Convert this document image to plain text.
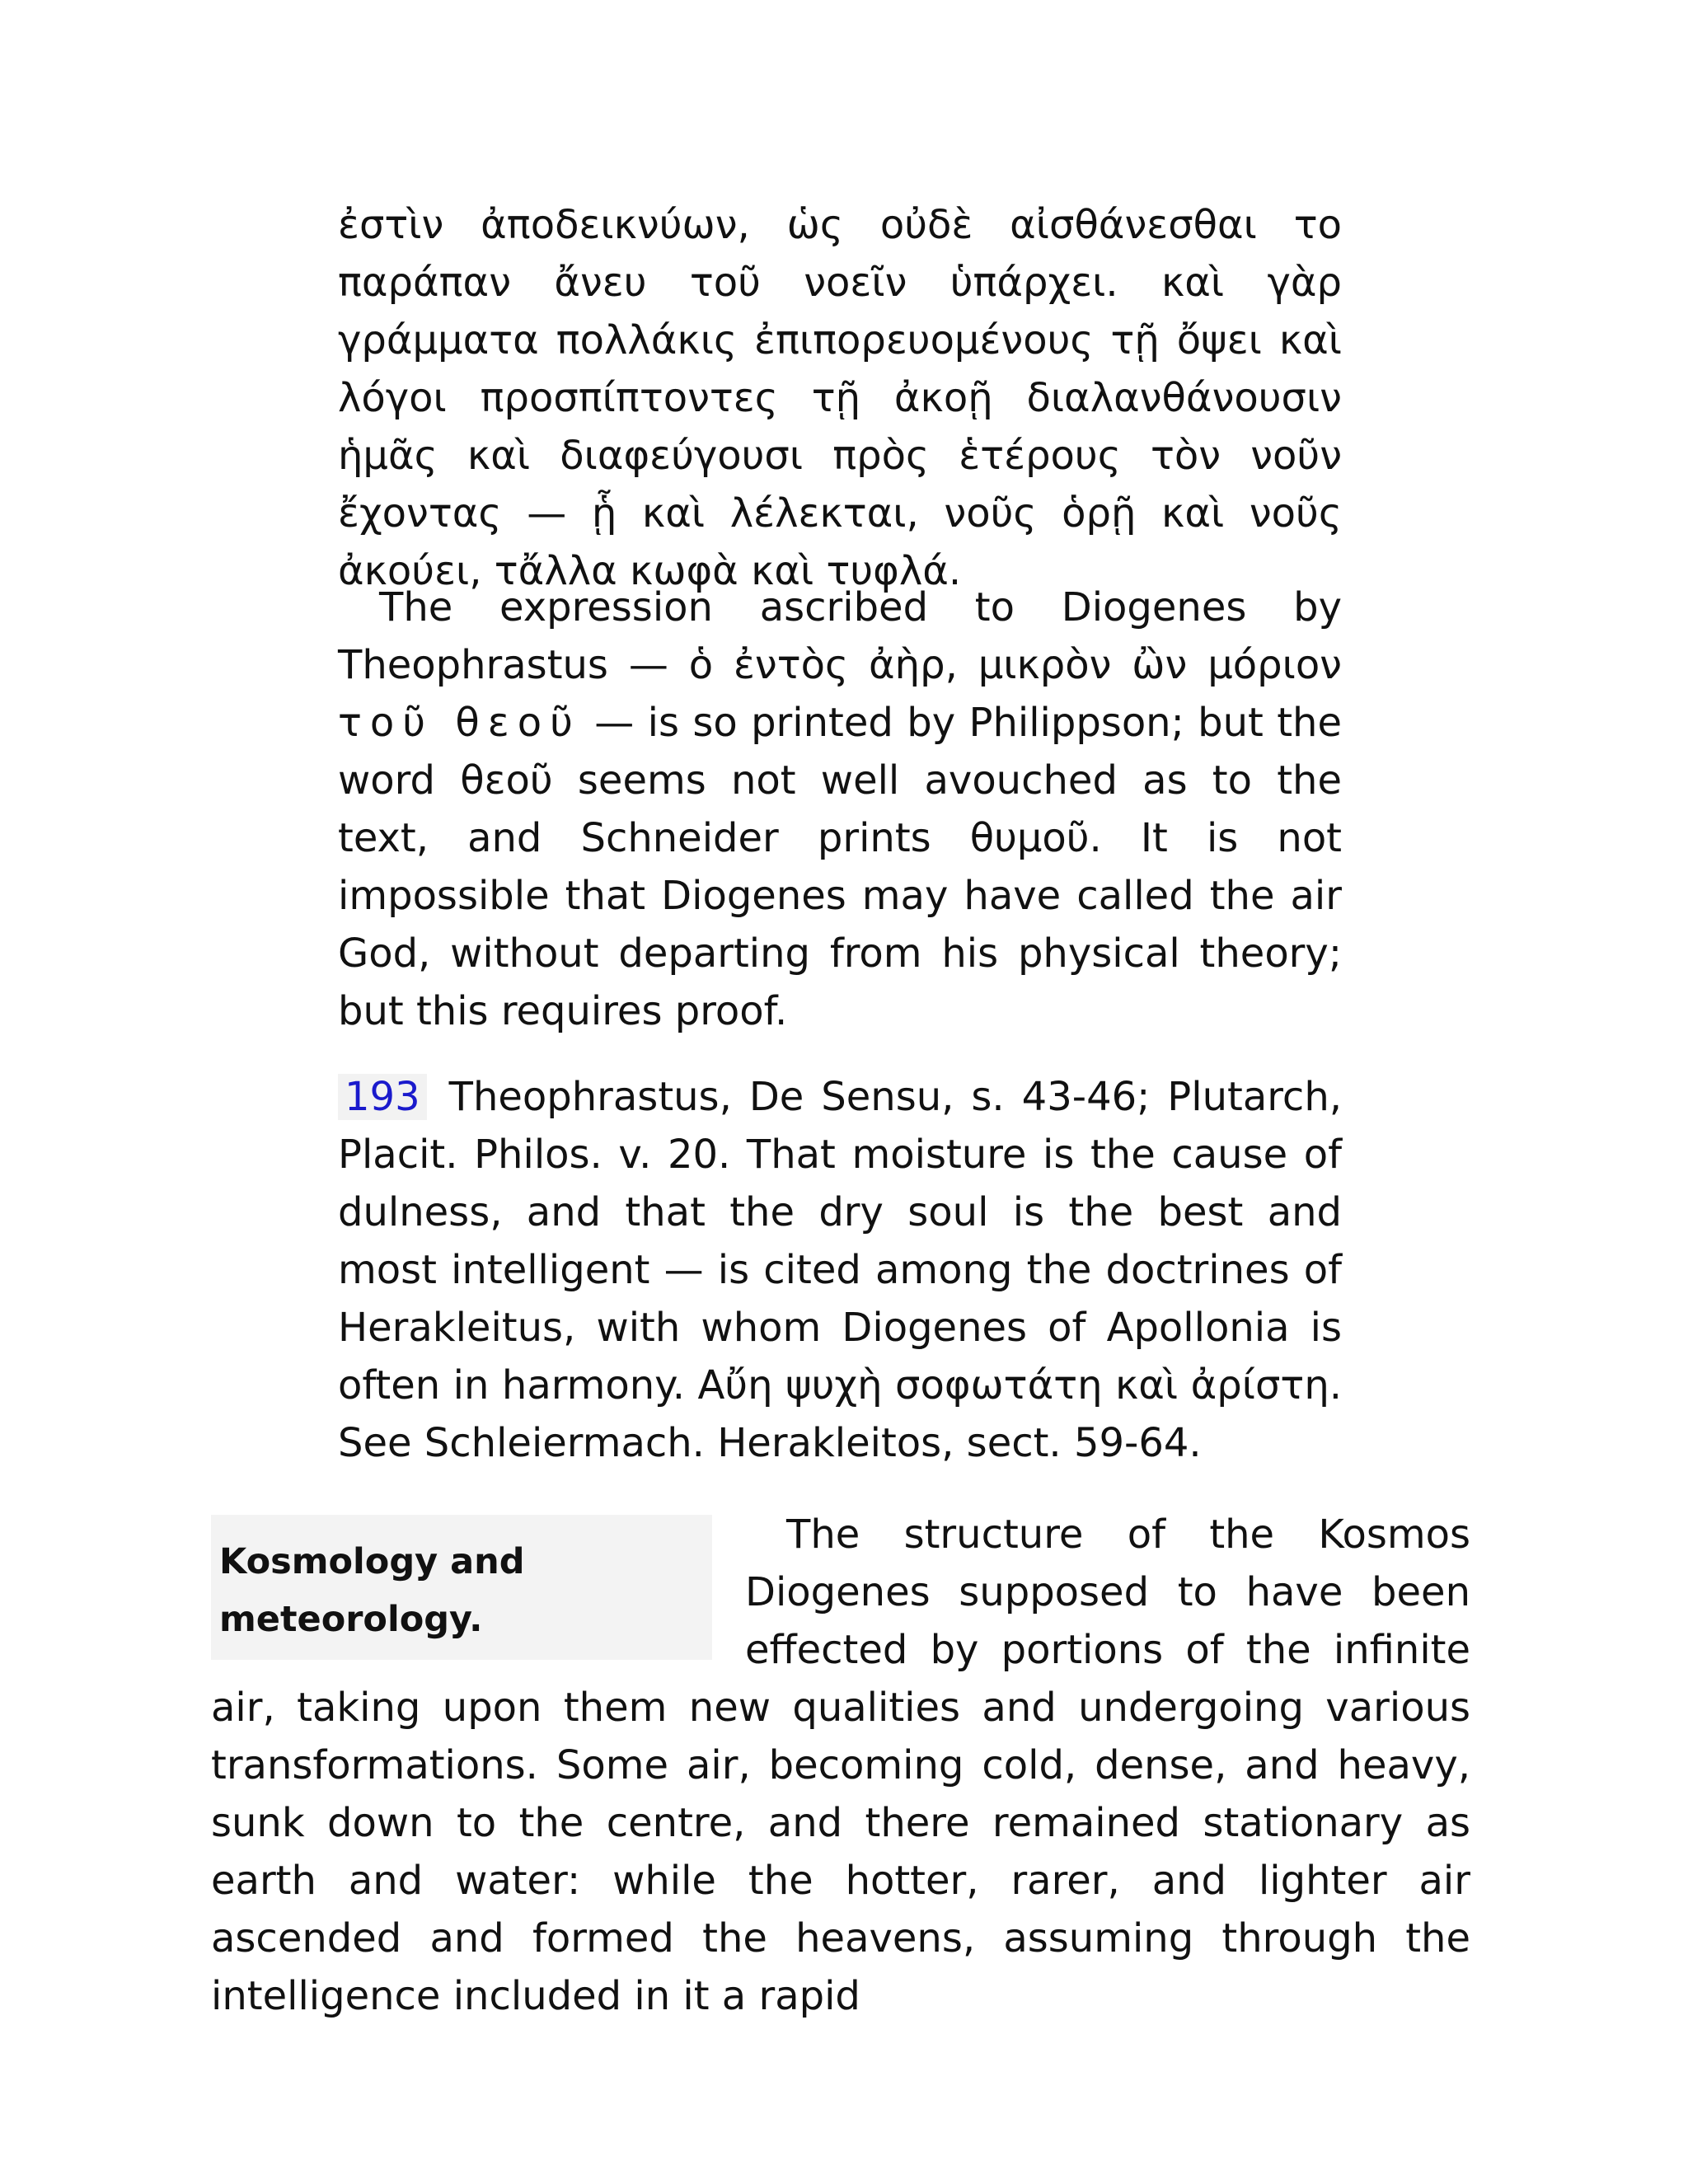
ἐστὶν ἀποδεικνύων, ὡς οὐδὲ αἰσθάνεσθαι το παράπαν ἄνευ τοῦ νοεῖν ὑπάρχει. καὶ γὰρ γράμματα πολλάκις ἐπιπορευομένους τῇ ὄψει καὶ λόγοι προσπίπτοντες τῇ ἀκοῇ διαλανθάνουσιν ἡμᾶς καὶ διαφεύγουσι πρὸς ἑτέρους τὸν νοῦν ἔχοντας — ᾗ καὶ λέλεκται, νοῦς ὁρῇ καὶ νοῦς ἀκούει, τἄλλα κωφὰ καὶ τυφλά.

The expression ascribed to Diogenes by Theophrastus — ὁ ἐντὸς ἀὴρ, μικρὸν ὢν μόριον τοῦ θεοῦ — is so printed by Philippson; but the word θεοῦ seems not well avouched as to the text, and Schneider prints θυμοῦ. It is not impossible that Diogenes may have called the air God, without departing from his physical theory; but this requires proof.

193 Theophrastus, De Sensu, s. 43-46; Plutarch, Placit. Philos. v. 20. That moisture is the cause of dulness, and that the dry soul is the best and most intelligent — is cited among the doctrines of Herakleitus, with whom Diogenes of Apollonia is often in harmony. Αὔη ψυχὴ σοφωτάτη καὶ ἀρίστη. See Schleiermach. Herakleitos, sect. 59-64.

Kosmology and meteorology.

The structure of the Kosmos Diogenes supposed to have been effected by portions of the infinite air, taking upon them new qualities and undergoing various transformations. Some air, becoming cold, dense, and heavy, sunk down to the centre, and there remained stationary as earth and water: while the hotter, rarer, and lighter air ascended and formed the heavens, assuming through the intelligence included in it a rapid
